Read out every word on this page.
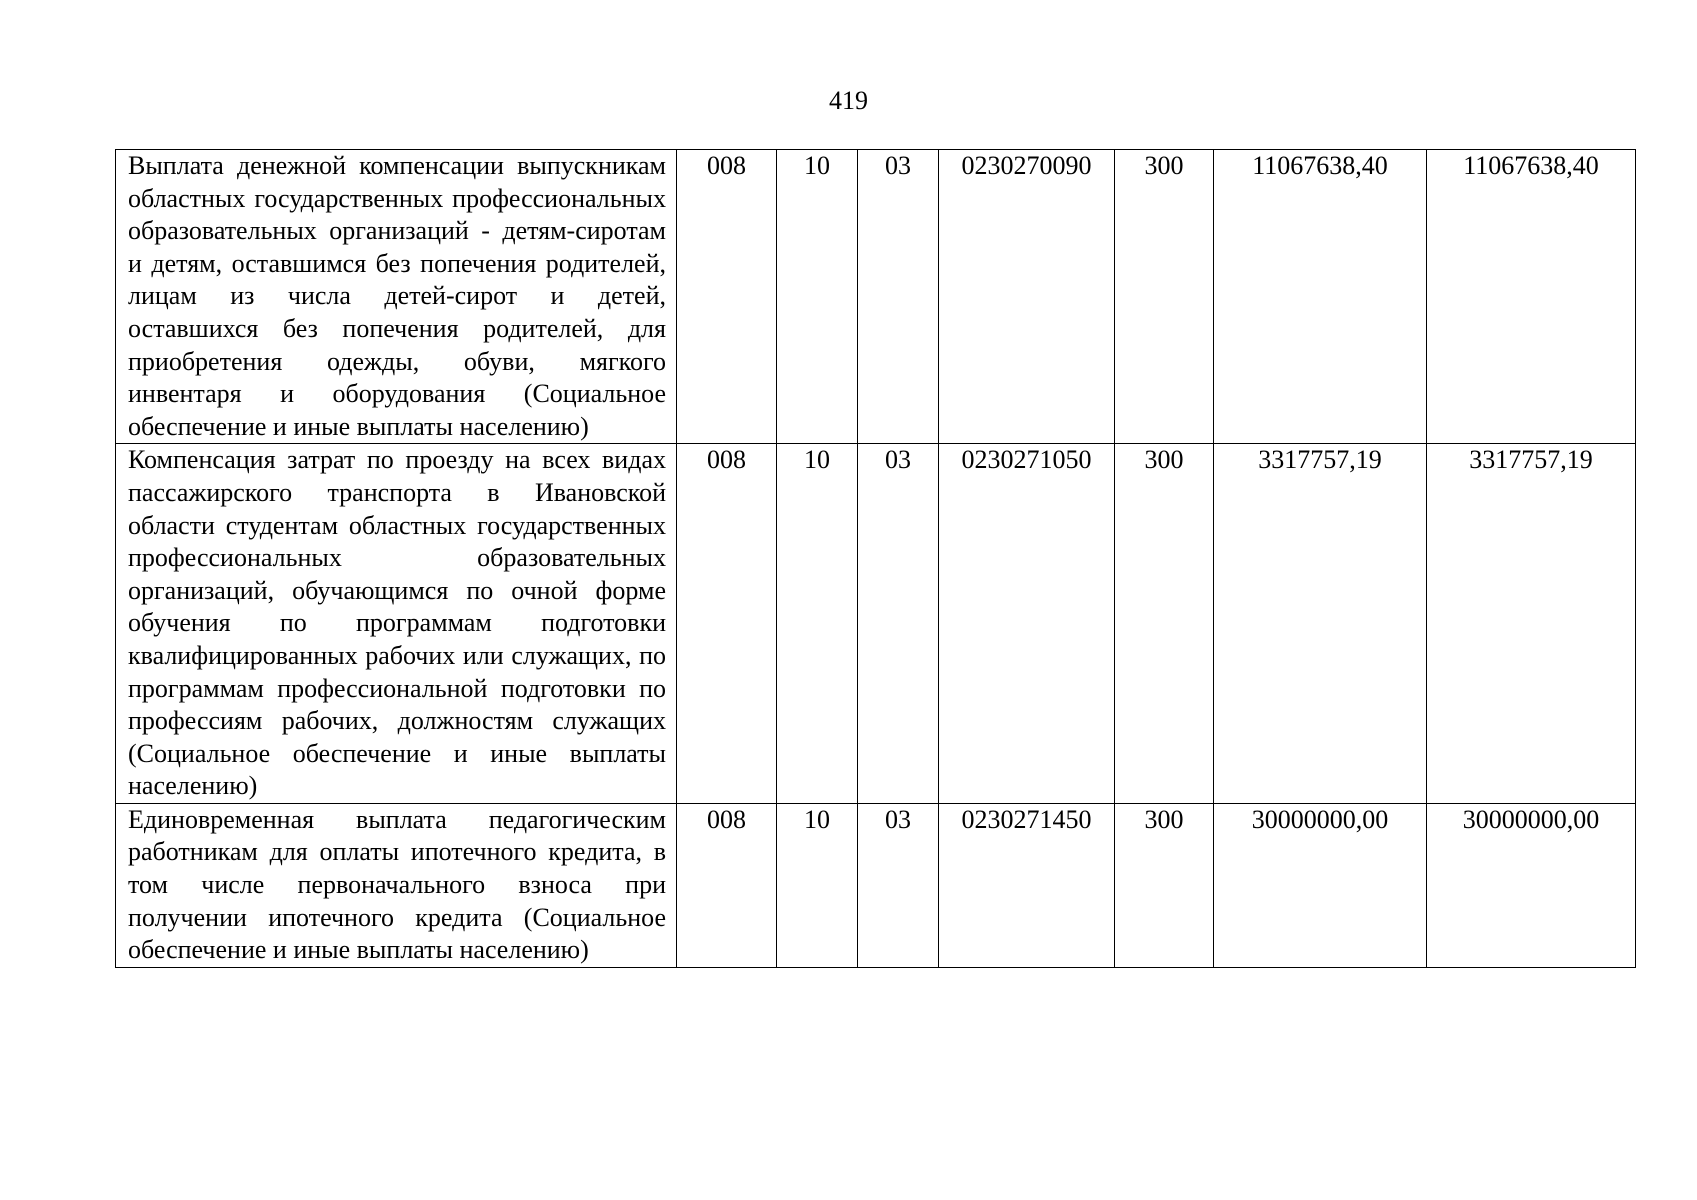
419
Выплата денежной компенсации выпускникам областных государственных профессиональных образовательных организаций - детям-сиротам и детям, оставшимся без попечения родителей, лицам из числа детей-сирот и детей, оставшихся без попечения родителей, для приобретения одежды, обуви, мягкого инвентаря и оборудования (Социальное обеспечение и иные выплаты населению)	008	10	03	0230270090	300	11067638,40	11067638,40
Компенсация затрат по проезду на всех видах пассажирского транспорта в Ивановской области студентам областных государственных профессиональных образовательных организаций, обучающимся по очной форме обучения по программам подготовки квалифицированных рабочих или служащих, по программам профессиональной подготовки по профессиям рабочих, должностям служащих (Социальное обеспечение и иные выплаты населению)	008	10	03	0230271050	300	3317757,19	3317757,19
Единовременная выплата педагогическим работникам для оплаты ипотечного кредита, в том числе первоначального взноса при получении ипотечного кредита (Социальное обеспечение и иные выплаты населению)	008	10	03	0230271450	300	30000000,00	30000000,00
